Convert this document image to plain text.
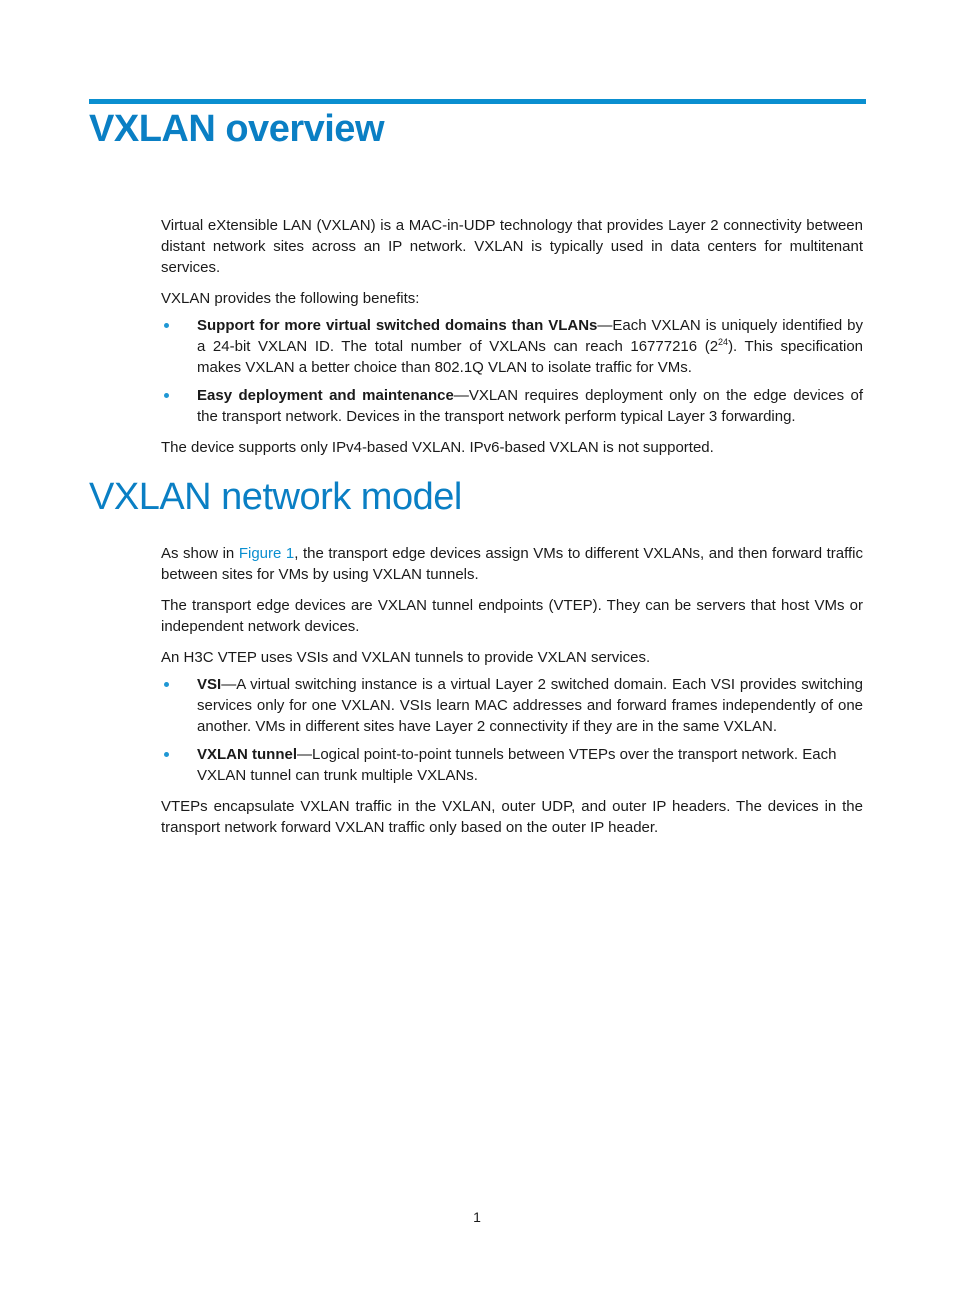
VXLAN overview

Virtual eXtensible LAN (VXLAN) is a MAC-in-UDP technology that provides Layer 2 connectivity between distant network sites across an IP network. VXLAN is typically used in data centers for multitenant services.

VXLAN provides the following benefits:

Support for more virtual switched domains than VLANs—Each VXLAN is uniquely identified by a 24-bit VXLAN ID. The total number of VXLANs can reach 16777216 $(2^{24})$. This specification makes VXLAN a better choice than 802.1Q VLAN to isolate traffic for VMs.
Easy deployment and maintenance—VXLAN requires deployment only on the edge devices of the transport network. Devices in the transport network perform typical Layer 3 forwarding.

The device supports only IPv4-based VXLAN. IPv6-based VXLAN is not supported.

VXLAN network model

As show in Figure 1, the transport edge devices assign VMs to different VXLANs, and then forward traffic between sites for VMs by using VXLAN tunnels.

The transport edge devices are VXLAN tunnel endpoints (VTEP). They can be servers that host VMs or independent network devices.

An H3C VTEP uses VSIs and VXLAN tunnels to provide VXLAN services.

VSI—A virtual switching instance is a virtual Layer 2 switched domain. Each VSI provides switching services only for one VXLAN. VSIs learn MAC addresses and forward frames independently of one another. VMs in different sites have Layer 2 connectivity if they are in the same VXLAN.
VXLAN tunnel—Logical point-to-point tunnels between VTEPs over the transport network. Each VXLAN tunnel can trunk multiple VXLANs.

VTEPs encapsulate VXLAN traffic in the VXLAN, outer UDP, and outer IP headers. The devices in the transport network forward VXLAN traffic only based on the outer IP header.

1
